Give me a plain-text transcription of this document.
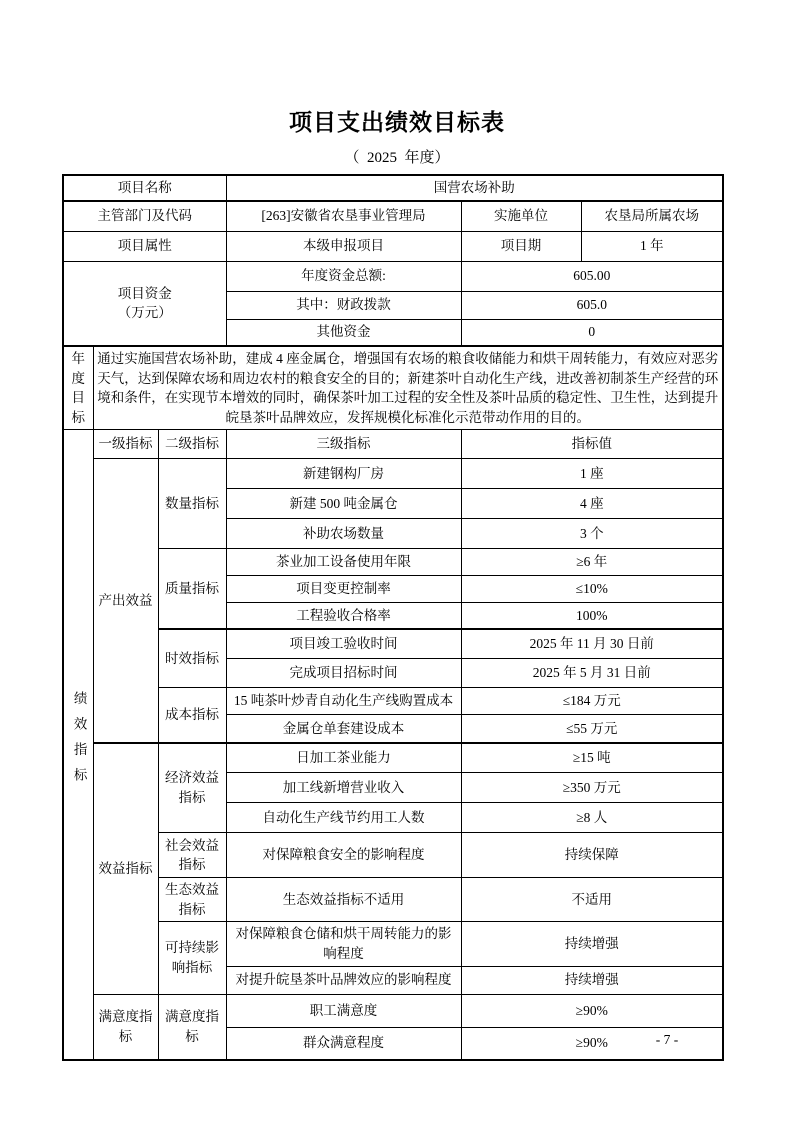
项目支出绩效目标表
（  2025  年度）
项目名称			国营农场补助		
主管部门及代码			[263]安徽省农垦事业管理局	实施单位	农垦局所属农场
项目属性			本级申报项目	项目期	1 年

项目资金
（万元）			年度资金总额:	605.00	
			其中：财政拨款	605.0	
			其他资金	0	

年度
目标	通过实施国营农场补助，建成 4 座金属仓，增强国有农场的粮食收储能力和烘干周转能力，有效应对恶劣天气，达到保障农场和周边农村的粮食安全的目的；新建茶叶自动化生产线，进改善初制茶生产经营的环境和条件，在实现节本增效的同时，确保茶叶加工过程的安全性及茶叶品质的稳定性、卫生性，达到提升皖垦茶叶品牌效应，发挥规模化标准化示范带动作用的目的。				
绩效指标	一级指标	二级指标	三级指标	指标值	
	产出效益	数量指标	新建钢构厂房	1 座	
			新建 500 吨金属仓	4 座	
			补助农场数量	3 个	
		质量指标	茶业加工设备使用年限	≥6 年	
			项目变更控制率	≤10%	
			工程验收合格率	100%	
		时效指标	项目竣工验收时间	2025 年 11 月 30 日前	
			完成项目招标时间	2025 年 5 月 31 日前	
		成本指标	15 吨茶叶炒青自动化生产线购置成本	≤184 万元	
			金属仓单套建设成本	≤55 万元	
	效益指标	经济效益指标	日加工茶业能力	≥15 吨	
			加工线新增营业收入	≥350 万元	
			自动化生产线节约用工人数	≥8 人	
		社会效益指标	对保障粮食安全的影响程度	持续保障	
		生态效益指标	生态效益指标不适用	不适用	
		可持续影响指标	对保障粮食仓储和烘干周转能力的影响程度	持续增强	
			对提升皖垦茶叶品牌效应的影响程度	持续增强	
	满意度指标	满意度指标	职工满意度	≥90%	
			群众满意程度	≥90%		- 7 -
